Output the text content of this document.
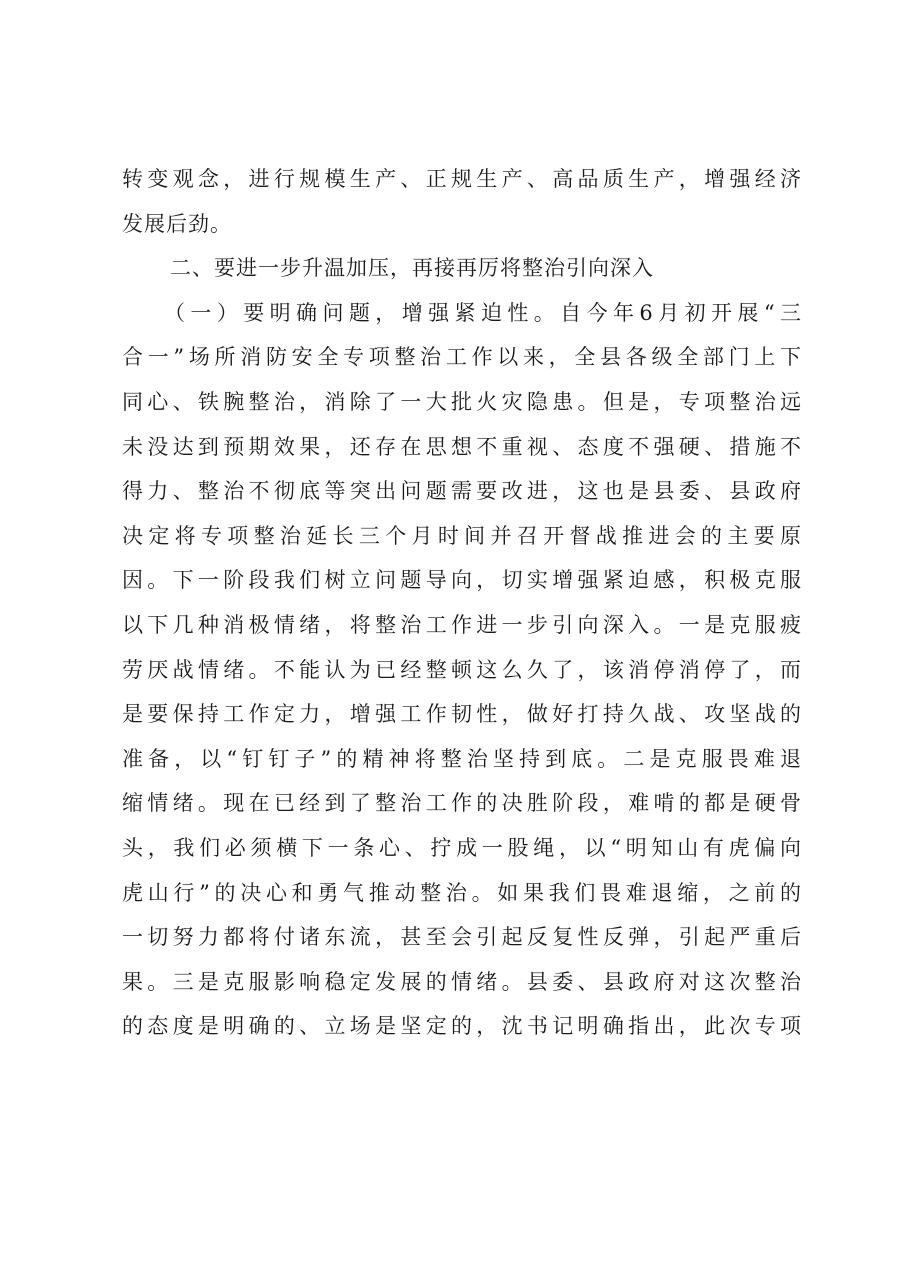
转变观念，进行规模生产、正规生产、高品质生产，增强经济
发展后劲。
二、要进一步升温加压，再接再厉将整治引向深入
（一）要明确问题，增强紧迫性。自今年6月初开展“三
合一”场所消防安全专项整治工作以来，全县各级全部门上下
同心、铁腕整治，消除了一大批火灾隐患。但是，专项整治远
未没达到预期效果，还存在思想不重视、态度不强硬、措施不
得力、整治不彻底等突出问题需要改进，这也是县委、县政府
决定将专项整治延长三个月时间并召开督战推进会的主要原
因。下一阶段我们树立问题导向，切实增强紧迫感，积极克服
以下几种消极情绪，将整治工作进一步引向深入。一是克服疲
劳厌战情绪。不能认为已经整顿这么久了，该消停消停了，而
是要保持工作定力，增强工作韧性，做好打持久战、攻坚战的
准备，以“钉钉子”的精神将整治坚持到底。二是克服畏难退
缩情绪。现在已经到了整治工作的决胜阶段，难啃的都是硬骨
头，我们必须横下一条心、拧成一股绳，以“明知山有虎偏向
虎山行”的决心和勇气推动整治。如果我们畏难退缩，之前的
一切努力都将付诸东流，甚至会引起反复性反弹，引起严重后
果。三是克服影响稳定发展的情绪。县委、县政府对这次整治
的态度是明确的、立场是坚定的，沈书记明确指出，此次专项
